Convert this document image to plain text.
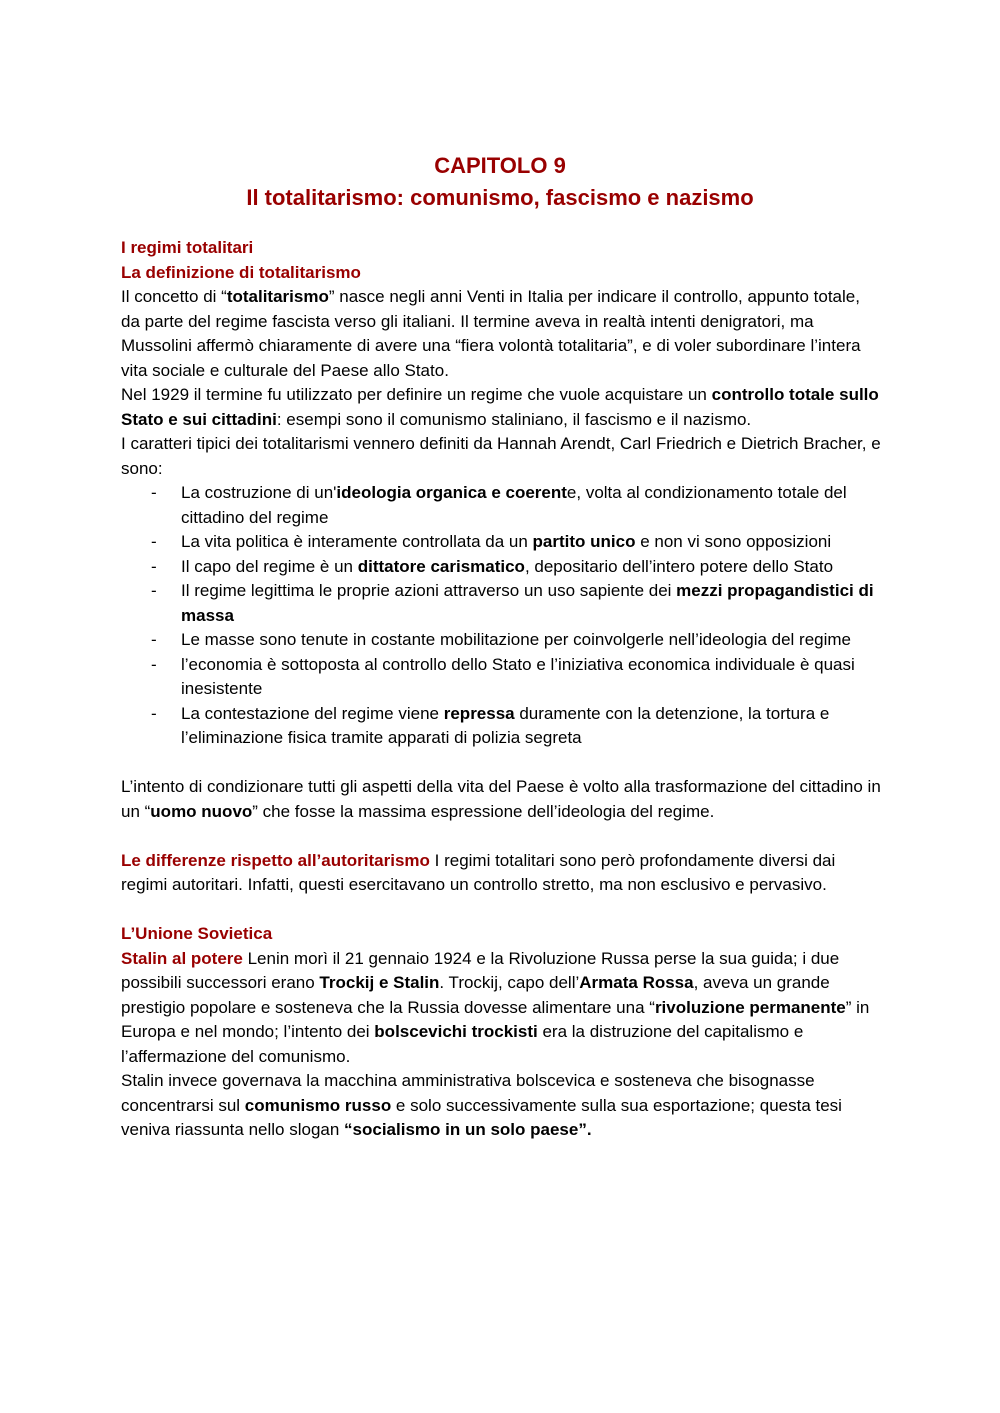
CAPITOLO 9
Il totalitarismo: comunismo, fascismo e nazismo

I regimi totalitari

La definizione di totalitarismo

Il concetto di “totalitarismo” nasce negli anni Venti in Italia per indicare il controllo, appunto totale, da parte del regime fascista verso gli italiani. Il termine aveva in realtà intenti denigratori, ma Mussolini affermò chiaramente di avere una “fiera volontà totalitaria”, e di voler subordinare l’intera vita sociale e culturale del Paese allo Stato.

Nel 1929 il termine fu utilizzato per definire un regime che vuole acquistare un controllo totale sullo Stato e sui cittadini: esempi sono il comunismo staliniano, il fascismo e il nazismo.

I caratteri tipici dei totalitarismi vennero definiti da Hannah Arendt, Carl Friedrich e Dietrich Bracher, e sono:

- La costruzione di un'ideologia organica e coerente, volta al condizionamento totale del cittadino del regime
- La vita politica è interamente controllata da un partito unico e non vi sono opposizioni
- Il capo del regime è un dittatore carismatico, depositario dell’intero potere dello Stato
- Il regime legittima le proprie azioni attraverso un uso sapiente dei mezzi propagandistici di massa
- Le masse sono tenute in costante mobilitazione per coinvolgerle nell’ideologia del regime
- l’economia è sottoposta al controllo dello Stato e l’iniziativa economica individuale è quasi inesistente
- La contestazione del regime viene repressa duramente con la detenzione, la tortura e l’eliminazione fisica tramite apparati di polizia segreta

L’intento di condizionare tutti gli aspetti della vita del Paese è volto alla trasformazione del cittadino in un “uomo nuovo” che fosse la massima espressione dell’ideologia del regime.

Le differenze rispetto all’autoritarismo I regimi totalitari sono però profondamente diversi dai regimi autoritari. Infatti, questi esercitavano un controllo stretto, ma non esclusivo e pervasivo.

L’Unione Sovietica

Stalin al potere Lenin morì il 21 gennaio 1924 e la Rivoluzione Russa perse la sua guida; i due possibili successori erano Trockij e Stalin. Trockij, capo dell’Armata Rossa, aveva un grande prestigio popolare e sosteneva che la Russia dovesse alimentare una “rivoluzione permanente” in Europa e nel mondo; l’intento dei bolscevichi trockisti era la distruzione del capitalismo e l’affermazione del comunismo.

Stalin invece governava la macchina amministrativa bolscevica e sosteneva che bisognasse concentrarsi sul comunismo russo e solo successivamente sulla sua esportazione; questa tesi veniva riassunta nello slogan “socialismo in un solo paese”.
